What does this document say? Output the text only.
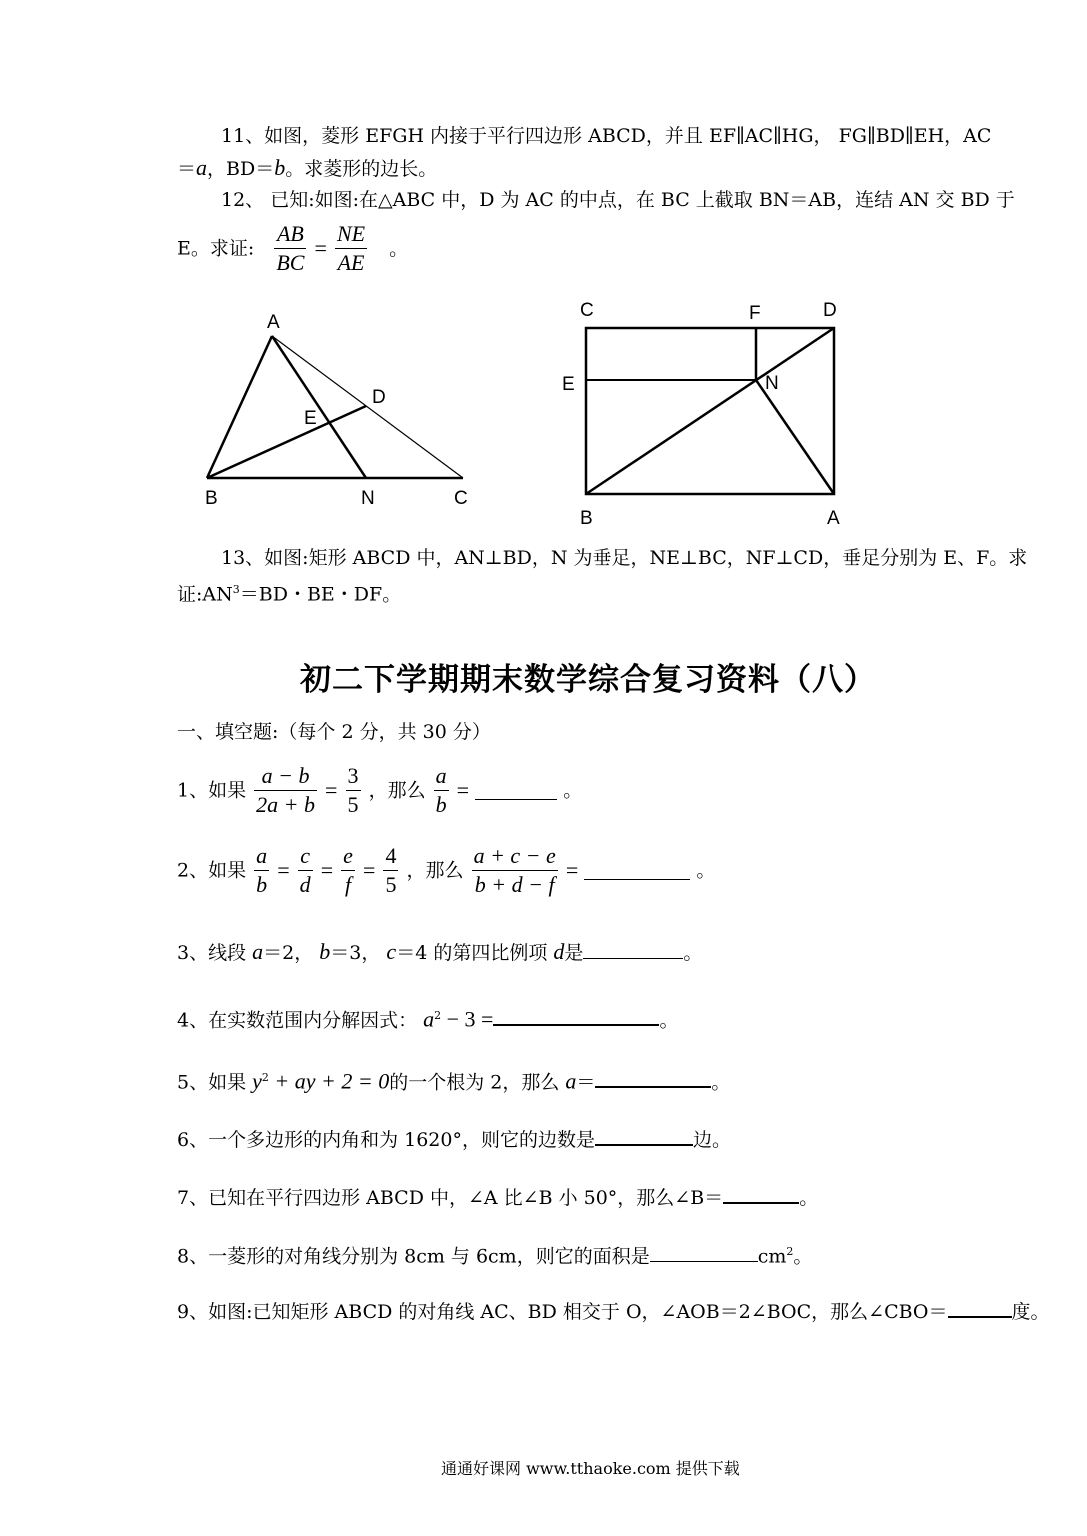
11、如图，菱形 EFGH 内接于平行四边形 ABCD，并且 EF∥AC∥HG， FG∥BD∥EH，AC
＝a，BD＝b。求菱形的边长。
12、 已知:如图:在△ABC 中，D 为 AC 的中点，在 BC 上截取 BN＝AB，连结 AN 交 BD 于
E。求证: $\frac{AB}{BC} = \frac{NE}{AE}$ 。
A
B	C
D
E
N
C	F	D
E	N
B	A
13、如图:矩形 ABCD 中，AN⊥BD，N 为垂足，NE⊥BC，NF⊥CD，垂足分别为 E、F。求
证$:AN^3=BD$・BE・DF。
初二下学期期末数学综合复习资料（八）
一、填空题:（每个 2 分，共 30 分）
1、如果 $\frac{a - b}{2a + b} = \frac{3}{5}$ ，那么 $\frac{a}{b}$ =	。
2、如果 $\frac{a}{b} = \frac{c}{d} = \frac{e}{f} = \frac{4}{5}$ ，那么 $\frac{a + c - e}{b + d - f}$ =	。
3、线段 a＝2， b＝3， c＝4 的第四比例项 d是	。
4、在实数范围内分解因式： $a^2 - 3$ =	。
5、如果 $y^2$ + ay + 2 = 0的一个根为 2，那么 a＝	。
6、一个多边形的内角和为 1620°，则它的边数是	边。
7、已知在平行四边形 ABCD 中，∠A 比∠B 小 50°，那么∠B＝	。
8、一菱形的对角线分别为 8cm 与 6cm，则它的面积是	$cm^2$。
9、如图:已知矩形 ABCD 的对角线 AC、BD 相交于 O，∠AOB＝2∠BOC，那么∠CBO＝	度。
通通好课网 www.tthaoke.com 提供下载
